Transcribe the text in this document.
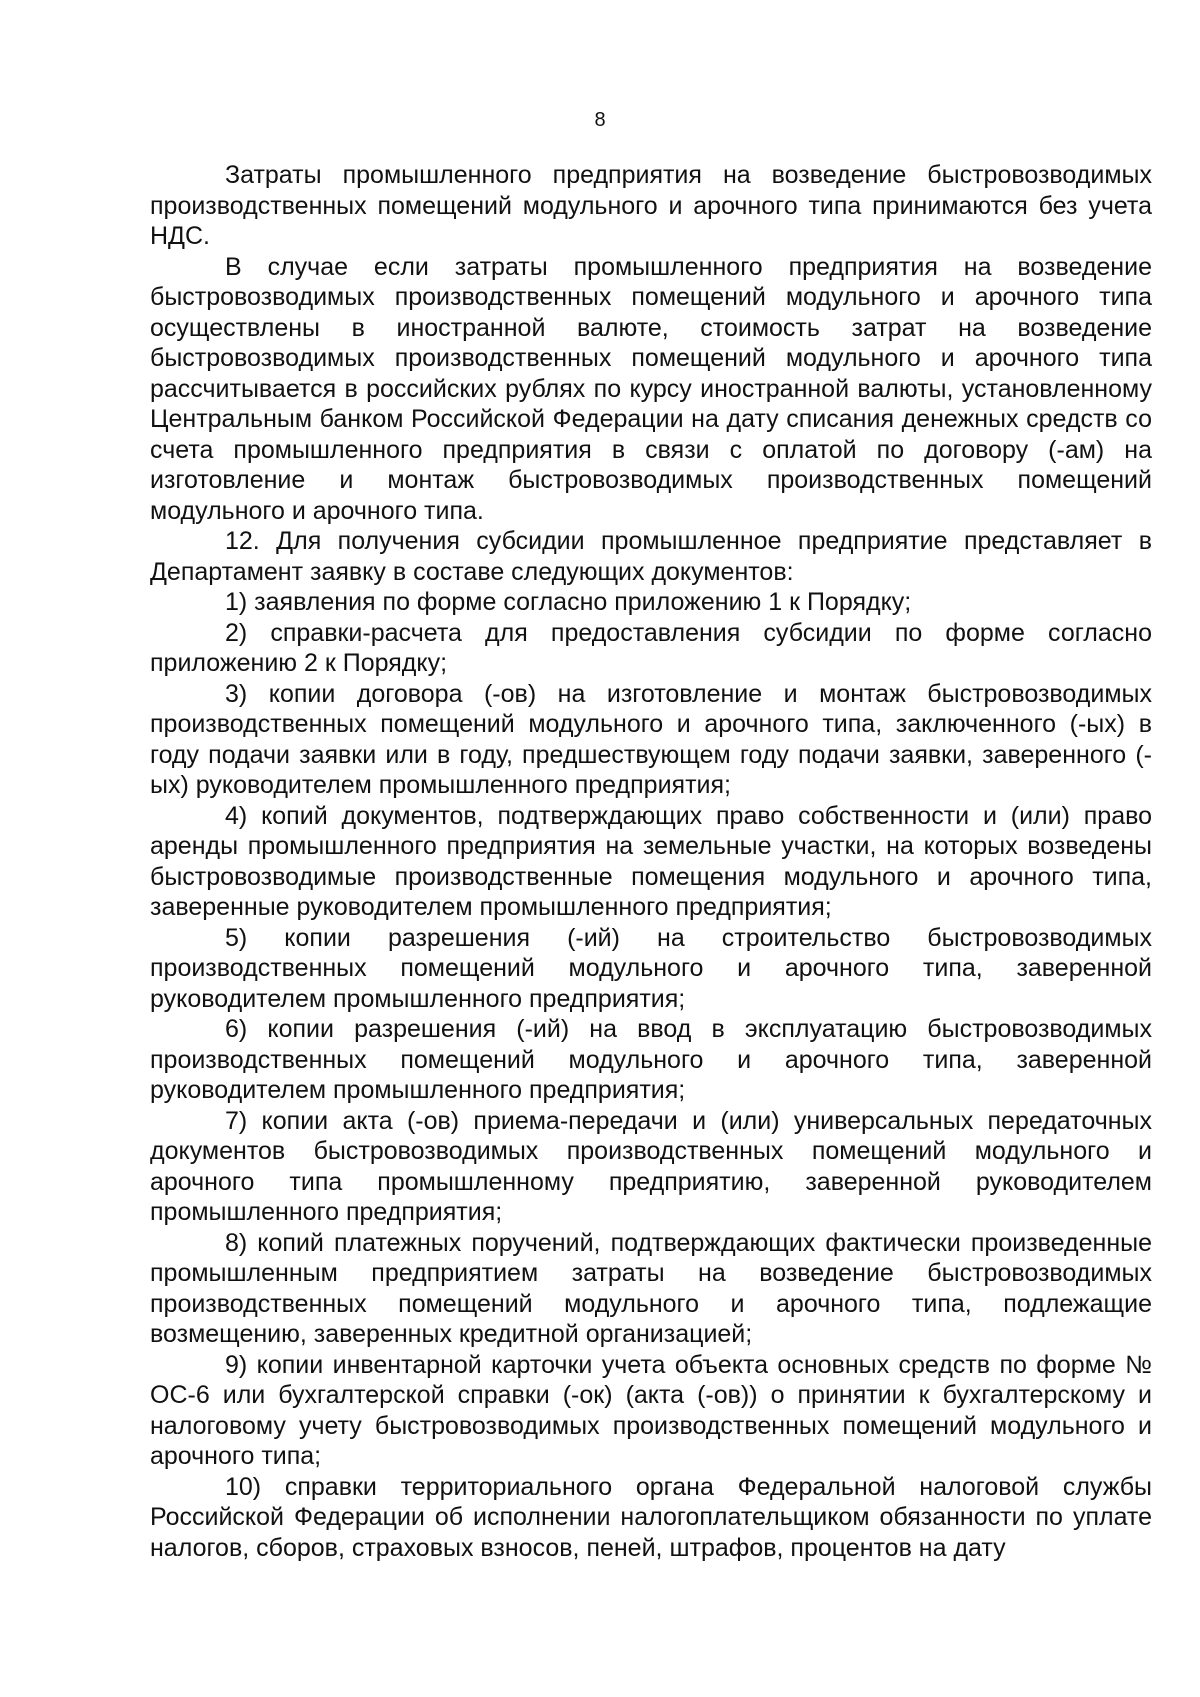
8

Затраты промышленного предприятия на возведение быстровозводимых производственных помещений модульного и арочного типа принимаются без учета НДС.

В случае если затраты промышленного предприятия на возведение быстровозводимых производственных помещений модульного и арочного типа осуществлены в иностранной валюте, стоимость затрат на возведение быстровозводимых производственных помещений модульного и арочного типа рассчитывается в российских рублях по курсу иностранной валюты, установленному Центральным банком Российской Федерации на дату списания денежных средств со счета промышленного предприятия в связи с оплатой по договору (-ам) на изготовление и монтаж быстровозводимых производственных помещений модульного и арочного типа.

12. Для получения субсидии промышленное предприятие представляет в Департамент заявку в составе следующих документов:

1) заявления по форме согласно приложению 1 к Порядку;

2) справки-расчета для предоставления субсидии по форме согласно приложению 2 к Порядку;

3) копии договора (-ов) на изготовление и монтаж быстровозводимых производственных помещений модульного и арочного типа, заключенного (-ых) в году подачи заявки или в году, предшествующем году подачи заявки, заверенного (-ых) руководителем промышленного предприятия;

4) копий документов, подтверждающих право собственности и (или) право аренды промышленного предприятия на земельные участки, на которых возведены быстровозводимые производственные помещения модульного и арочного типа, заверенные руководителем промышленного предприятия;

5) копии разрешения (-ий) на строительство быстровозводимых производственных помещений модульного и арочного типа, заверенной руководителем промышленного предприятия;

6) копии разрешения (-ий) на ввод в эксплуатацию быстровозводимых производственных помещений модульного и арочного типа, заверенной руководителем промышленного предприятия;

7) копии акта (-ов) приема-передачи и (или) универсальных передаточных документов быстровозводимых производственных помещений модульного и арочного типа промышленному предприятию, заверенной руководителем промышленного предприятия;

8) копий платежных поручений, подтверждающих фактически произведенные промышленным предприятием затраты на возведение быстровозводимых производственных помещений модульного и арочного типа, подлежащие возмещению, заверенных кредитной организацией;

9) копии инвентарной карточки учета объекта основных средств по форме № ОС-6 или бухгалтерской справки (-ок) (акта (-ов)) о принятии к бухгалтерскому и налоговому учету быстровозводимых производственных помещений модульного и арочного типа;

10) справки территориального органа Федеральной налоговой службы Российской Федерации об исполнении налогоплательщиком обязанности по уплате налогов, сборов, страховых взносов, пеней, штрафов, процентов на дату
